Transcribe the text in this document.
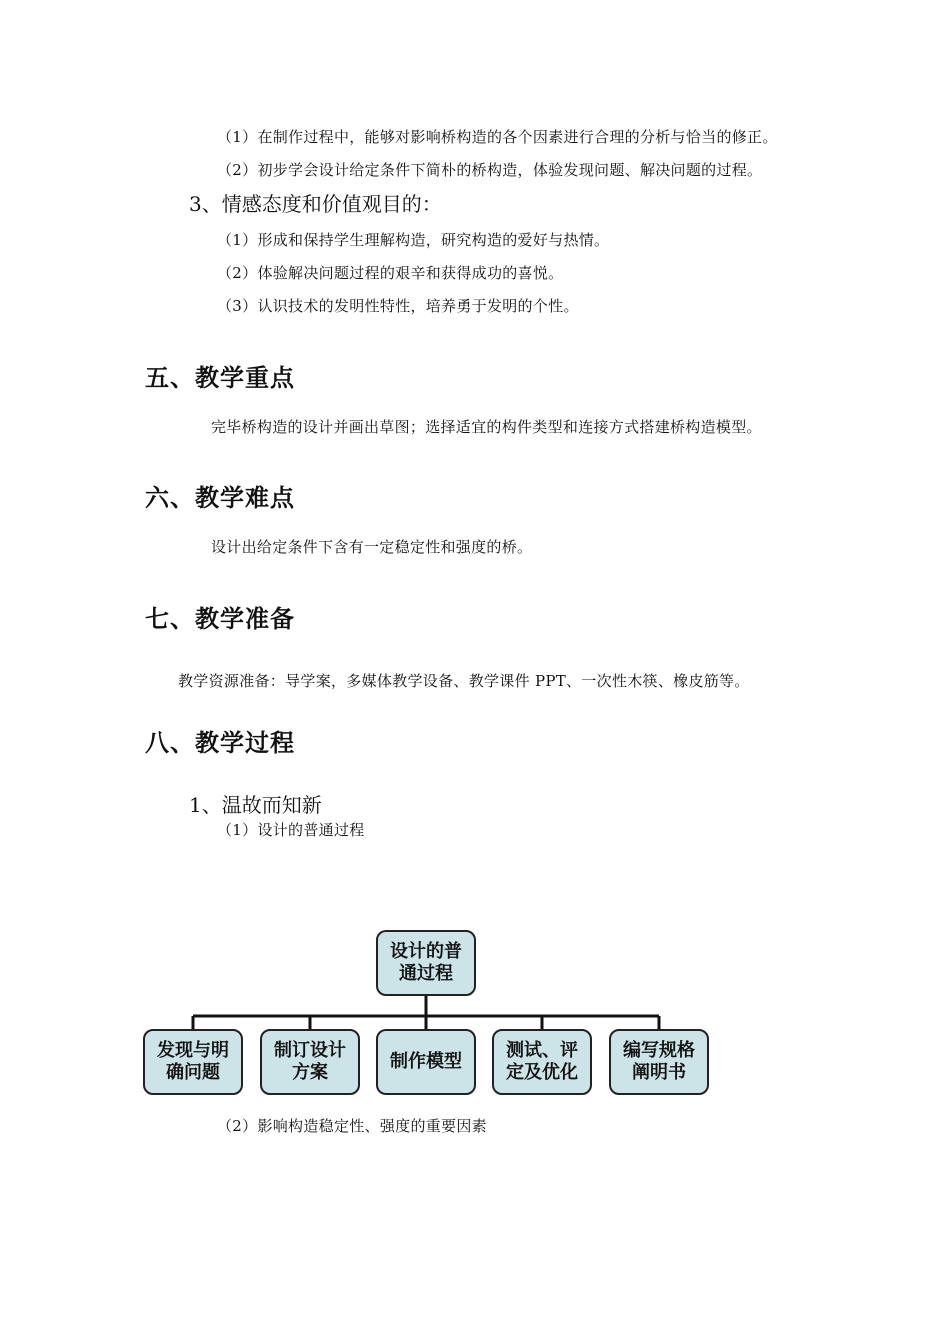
（1）在制作过程中，能够对影响桥构造的各个因素进行合理的分析与恰当的修正。
（2）初步学会设计给定条件下简朴的桥构造，体验发现问题、解决问题的过程。
3、情感态度和价值观目的：
（1）形成和保持学生理解构造，研究构造的爱好与热情。
（2）体验解决问题过程的艰辛和获得成功的喜悦。
（3）认识技术的发明性特性，培养勇于发明的个性。
五、教学重点
完毕桥构造的设计并画出草图；选择适宜的构件类型和连接方式搭建桥构造模型。
六、教学难点
设计出给定条件下含有一定稳定性和强度的桥。
七、教学准备
教学资源准备：导学案，多媒体教学设备、教学课件 PPT、一次性木筷、橡皮筋等。
八、教学过程
1、温故而知新
（1）设计的普通过程
设计的普通过程
发现与明确问题
制订设计方案
制作模型
测试、评定及优化
编写规格阐明书
（2）影响构造稳定性、强度的重要因素
